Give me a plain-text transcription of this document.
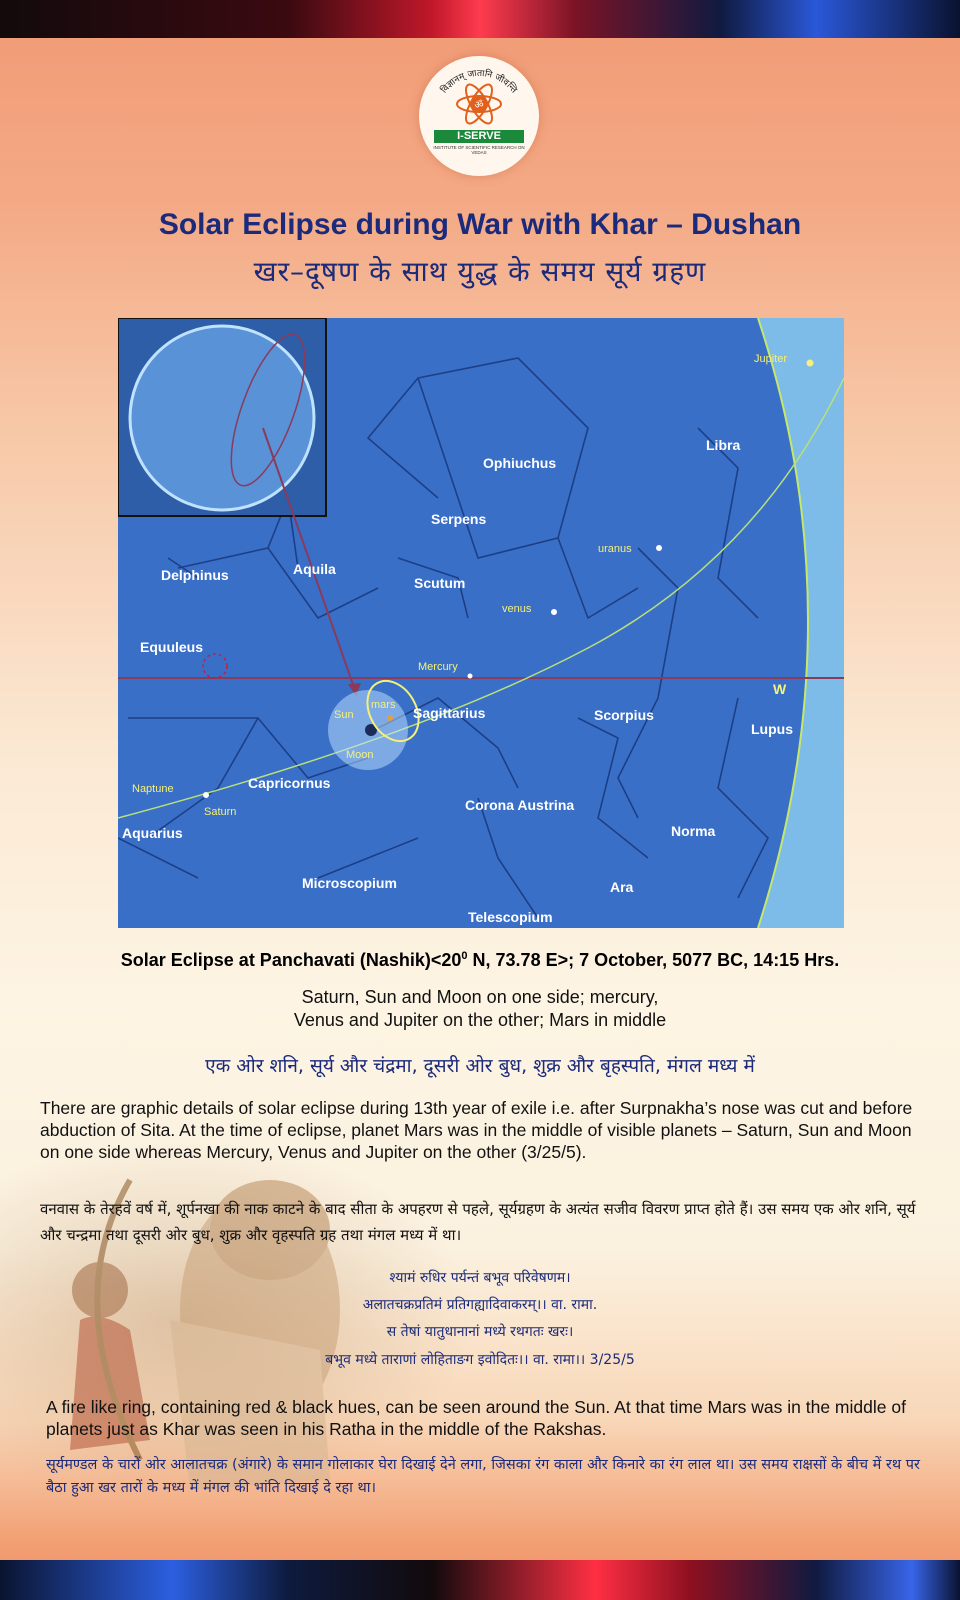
विज्ञानम् जातानि जीवन्ति
ॐ
I-SERVE
INSTITUTE OF SCIENTIFIC RESEARCH ON VEDAS
Solar Eclipse during War with Khar – Dushan
खर–दूषण के साथ युद्ध के समय सूर्य ग्रहण
Ophiuchus
Libra
Serpens
Delphinus	Aquila
Scutum
Equuleus
Sagittarius	Scorpius
Lupus
Capricornus
Aquarius
Corona Austrina
Norma
Microscopium	Ara
Telescopium
Jupiter
uranus
venus
Mercury
mars
Sun
Moon
Naptune
Saturn
W
Solar Eclipse at Panchavati $(Nashik)<20^0$ N, 73.78 E>; 7 October, 5077 BC, 14:15 Hrs.
Saturn, Sun and Moon on one side; mercury,
Venus and Jupiter on the other; Mars in middle
एक ओर शनि, सूर्य और चंद्रमा, दूसरी ओर बुध, शुक्र और बृहस्पति, मंगल मध्य में
There are graphic details of solar eclipse during 13th year of exile i.e. after Surpnakha’s nose was cut and before abduction of Sita. At the time of eclipse, planet Mars was in the middle of visible planets – Saturn, Sun and Moon on one side whereas Mercury, Venus and Jupiter on the other (3/25/5).
वनवास के तेरहवें वर्ष में, शूर्पनखा की नाक काटने के बाद सीता के अपहरण से पहले, सूर्यग्रहण के अत्यंत सजीव विवरण प्राप्त होते हैं। उस समय एक ओर शनि, सूर्य और चन्द्रमा तथा दूसरी ओर बुध, शुक्र और वृहस्पति ग्रह तथा मंगल मध्य में था।
श्यामं रुधिर पर्यन्तं बभूव परिवेषणम।
अलातचक्रप्रतिमं प्रतिगह्यादिवाकरम्।। वा. रामा.
स तेषां यातुधानानां मध्ये रथगतः खरः।
बभूव मध्ये ताराणां लोहिताङग इवोदितः।। वा. रामा।। 3/25/5
A fire like ring, containing red & black hues, can be seen around the Sun. At that time Mars was in the middle of planets just as Khar was seen in his Ratha in the middle of the Rakshas.
सूर्यमण्डल के चारों ओर आलातचक्र (अंगारे) के समान गोलाकार घेरा दिखाई देने लगा, जिसका रंग काला और किनारे का रंग लाल था। उस समय राक्षसों के बीच में रथ पर बैठा हुआ खर तारों के मध्य में मंगल की भांति दिखाई दे रहा था।
